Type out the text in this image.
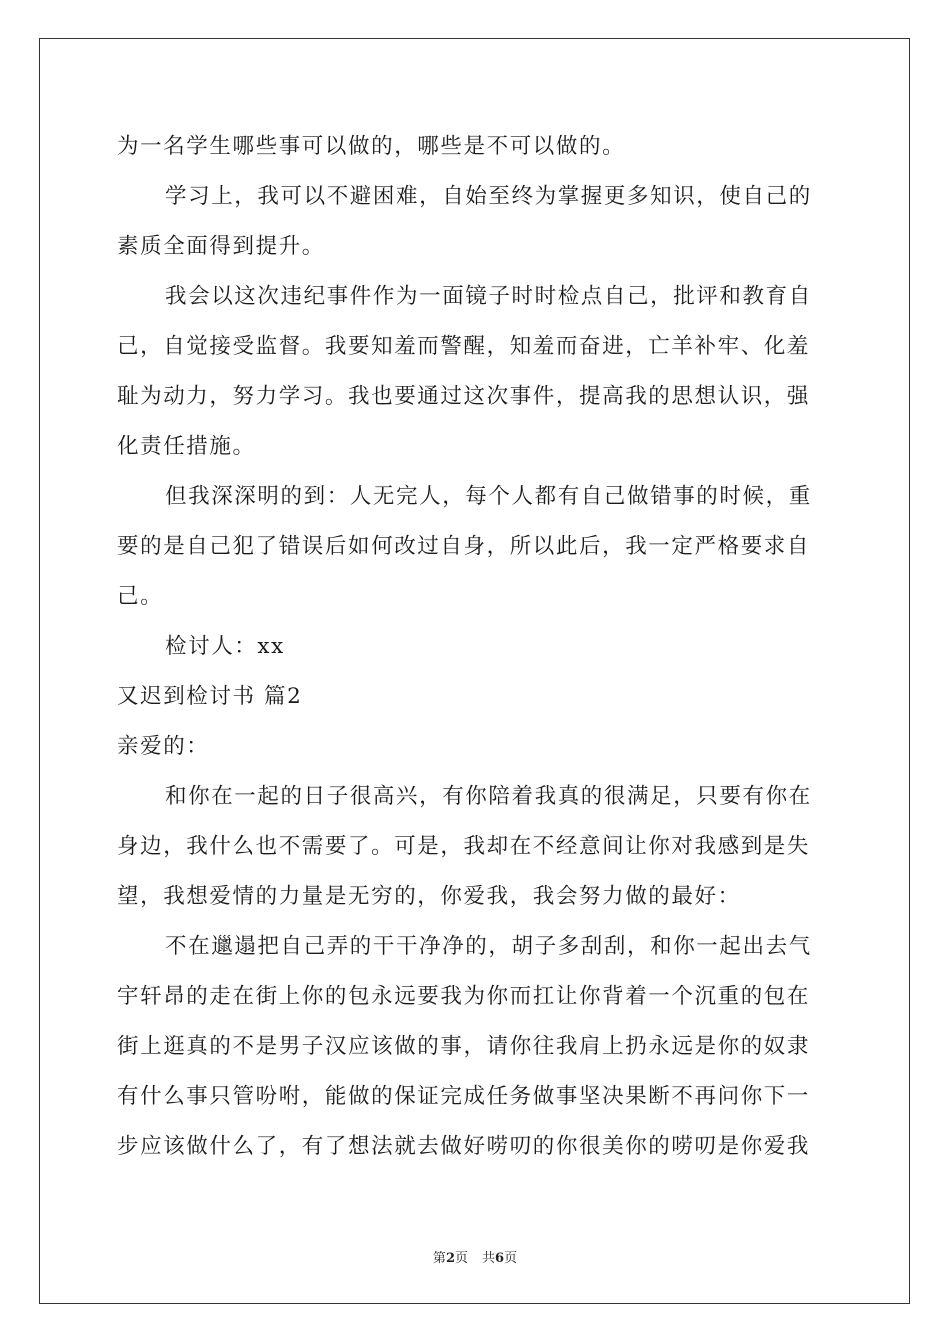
为一名学生哪些事可以做的，哪些是不可以做的。
学习上，我可以不避困难，自始至终为掌握更多知识，使自己的
素质全面得到提升。
我会以这次违纪事件作为一面镜子时时检点自己，批评和教育自
己，自觉接受监督。我要知羞而警醒，知羞而奋进，亡羊补牢、化羞
耻为动力，努力学习。我也要通过这次事件，提高我的思想认识，强
化责任措施。
但我深深明的到：人无完人，每个人都有自己做错事的时候，重
要的是自己犯了错误后如何改过自身，所以此后，我一定严格要求自
己。
检讨人：xx
又迟到检讨书 篇2
亲爱的：
和你在一起的日子很高兴，有你陪着我真的很满足，只要有你在
身边，我什么也不需要了。可是，我却在不经意间让你对我感到是失
望，我想爱情的力量是无穷的，你爱我，我会努力做的最好：
不在邋遢把自己弄的干干净净的，胡子多刮刮，和你一起出去气
宇轩昂的走在街上你的包永远要我为你而扛让你背着一个沉重的包在
街上逛真的不是男子汉应该做的事，请你往我肩上扔永远是你的奴隶
有什么事只管吩咐，能做的保证完成任务做事坚决果断不再问你下一
步应该做什么了，有了想法就去做好唠叨的你很美你的唠叨是你爱我
第2页 共6页
